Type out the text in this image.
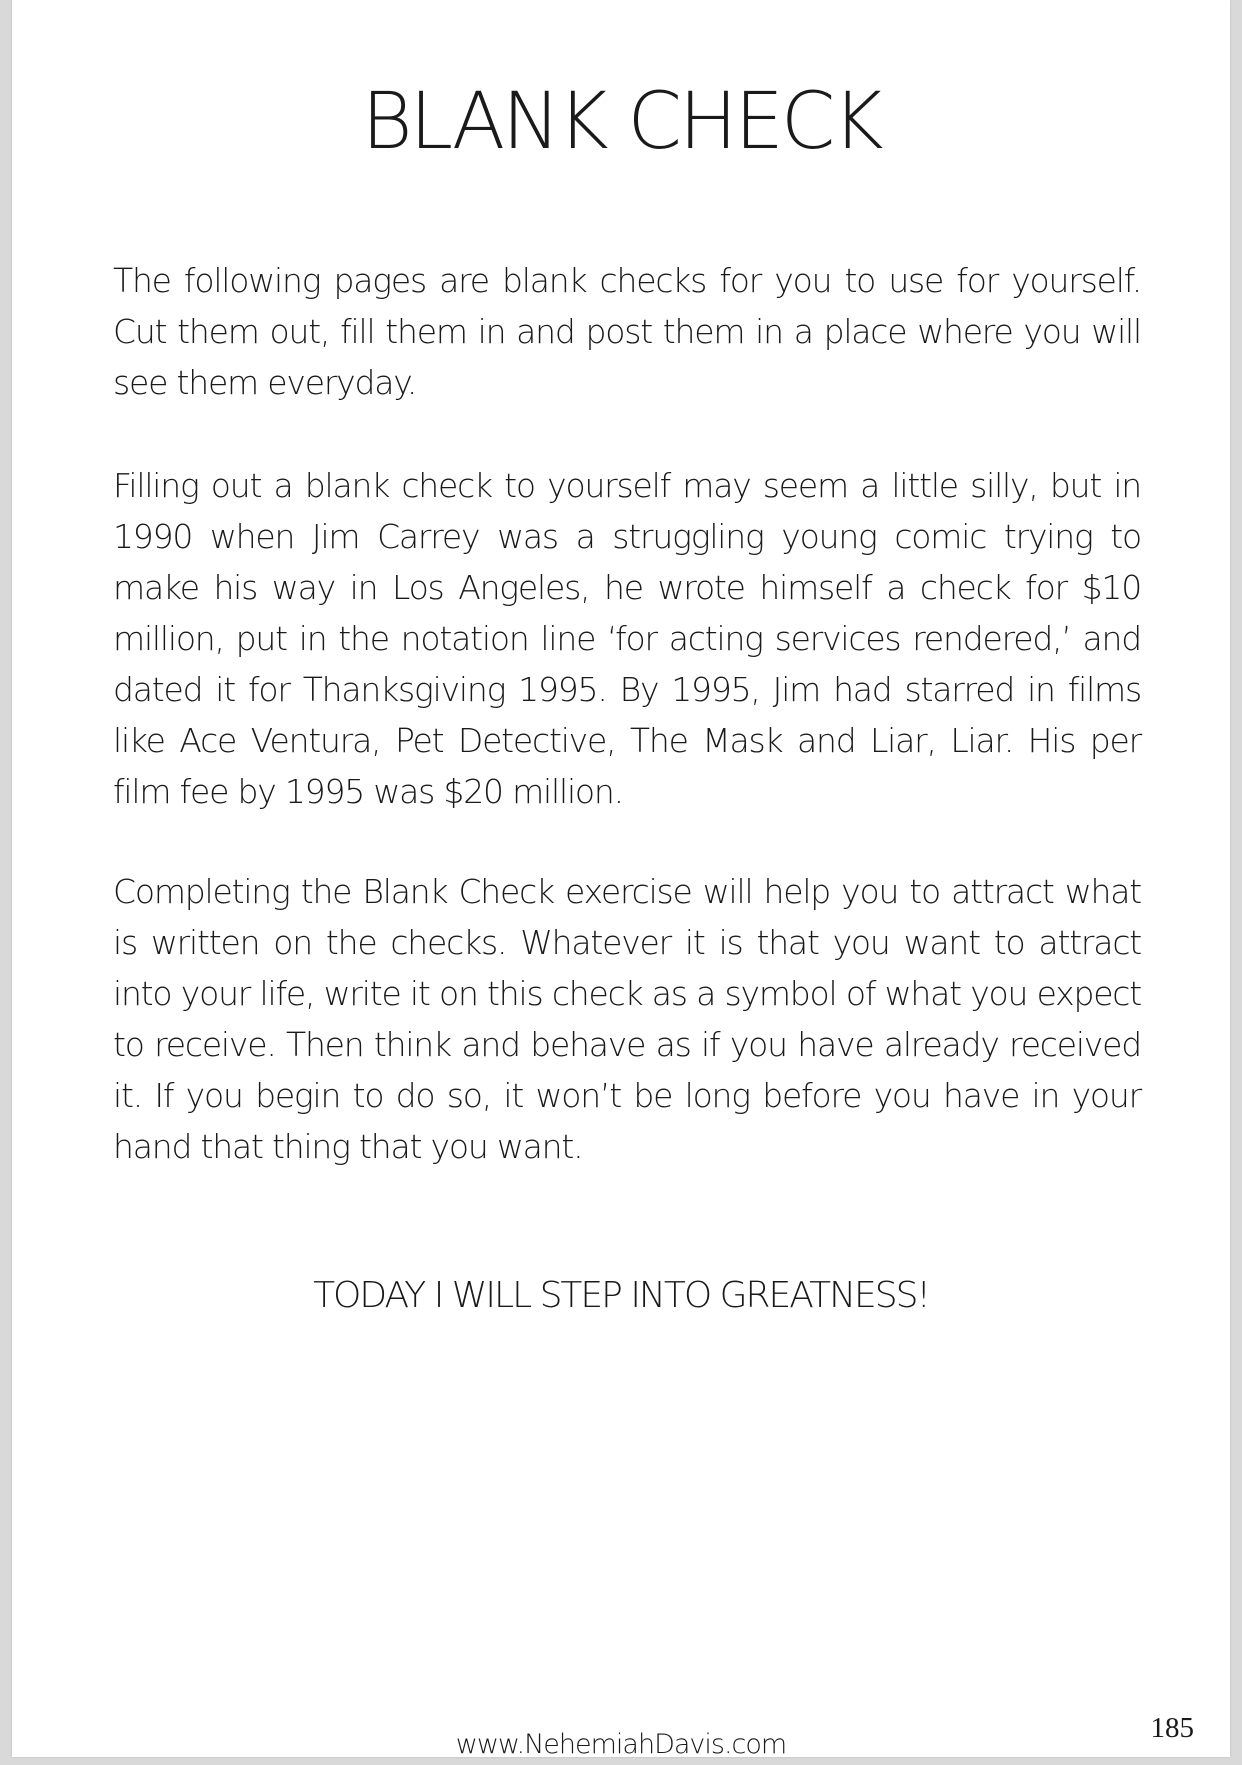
BLANK CHECK
The following pages are blank checks for you to use for yourself. Cut them out, fill them in and post them in a place where you will see them everyday.
Filling out a blank check to yourself may seem a little silly, but in 1990 when Jim Carrey was a struggling young comic trying to make his way in Los Angeles, he wrote himself a check for $10 million, put in the notation line ‘for acting services rendered,’ and dated it for Thanksgiving 1995. By 1995, Jim had starred in films like Ace Ventura, Pet Detective, The Mask and Liar, Liar. His per film fee by 1995 was $20 million.
Completing the Blank Check exercise will help you to attract what is written on the checks. Whatever it is that you want to attract into your life, write it on this check as a symbol of what you expect to receive. Then think and behave as if you have already received it. If you begin to do so, it won’t be long before you have in your hand that thing that you want.
TODAY I WILL STEP INTO GREATNESS!
www.NehemiahDavis.com
185
